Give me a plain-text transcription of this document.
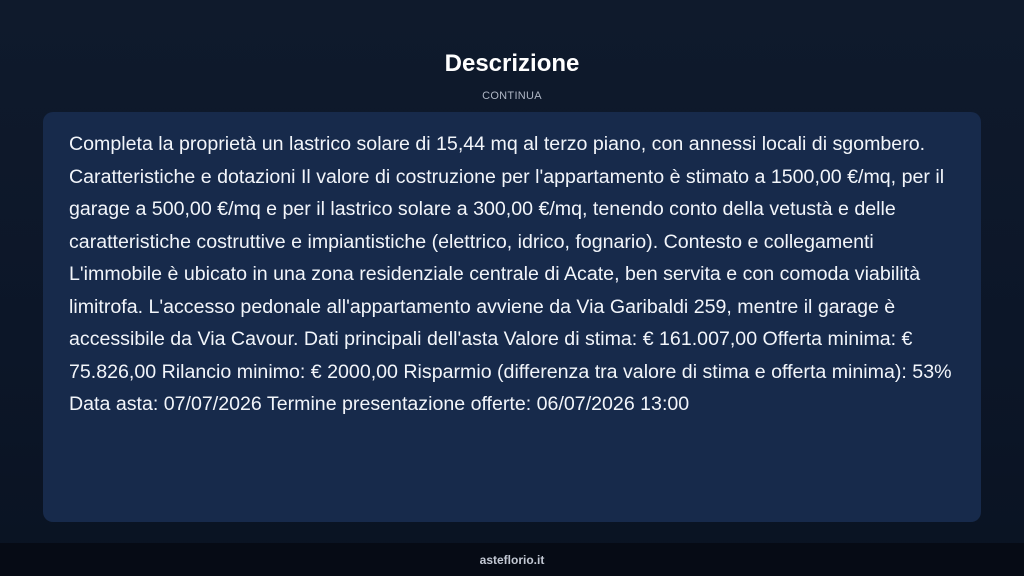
Descrizione
CONTINUA

Completa la proprietà un lastrico solare di 15,44 mq al terzo piano, con annessi locali di sgombero. Caratteristiche e dotazioni Il valore di costruzione per l'appartamento è stimato a 1500,00 €/mq, per il garage a 500,00 €/mq e per il lastrico solare a 300,00 €/mq, tenendo conto della vetustà e delle caratteristiche costruttive e impiantistiche (elettrico, idrico, fognario). Contesto e collegamenti L'immobile è ubicato in una zona residenziale centrale di Acate, ben servita e con comoda viabilità limitrofa. L'accesso pedonale all'appartamento avviene da Via Garibaldi 259, mentre il garage è accessibile da Via Cavour. Dati principali dell'asta Valore di stima: € 161.007,00 Offerta minima: € 75.826,00 Rilancio minimo: € 2000,00 Risparmio (differenza tra valore di stima e offerta minima): 53% Data asta: 07/07/2026 Termine presentazione offerte: 06/07/2026 13:00

asteflorio.it
